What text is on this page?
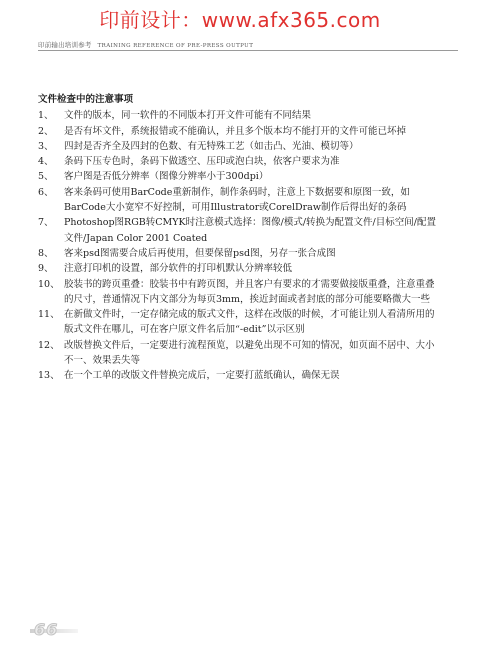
印前设计：www.afx365.com
印前输出培训参考 TRAINING REFERENCE OF PRE-PRESS OUTPUT
文件检查中的注意事项
1、 文件的版本，同一软件的不同版本打开文件可能有不同结果
2、 是否有坏文件，系统报错或不能确认，并且多个版本均不能打开的文件可能已坏掉
3、 四封是否齐全及四封的色数、有无特殊工艺（如击凸、光油、模切等）
4、 条码下压专色时，条码下做透空、压印或泡白块，依客户要求为准
5、 客户图是否低分辨率（图像分辨率小于300dpi）
6、 客来条码可使用BarCode重新制作，制作条码时，注意上下数据要和原图一致，如BarCode大小宽窄不好控制，可用Illustrator或CorelDraw制作后得出好的条码
7、 Photoshop图RGB转CMYK时注意模式选择：图像/模式/转换为配置文件/目标空间/配置文件/Japan Color 2001 Coated
8、 客来psd图需要合成后再使用，但要保留psd图，另存一张合成图
9、 注意打印机的设置，部分软件的打印机默认分辨率较低
10、 胶装书的跨页重叠：胶装书中有跨页图，并且客户有要求的才需要做接版重叠，注意重叠的尺寸，普通情况下内文部分为每页3mm，挨近封面或者封底的部分可能要略微大一些
11、 在新做文件时，一定存储完成的版式文件，这样在改版的时候，才可能让别人看清所用的版式文件在哪儿，可在客户原文件名后加“-edit”以示区别
12、 改版替换文件后，一定要进行流程预览，以避免出现不可知的情况，如页面不居中、大小不一、效果丢失等
13、 在一个工单的改版文件替换完成后，一定要打蓝纸确认，确保无误
66
